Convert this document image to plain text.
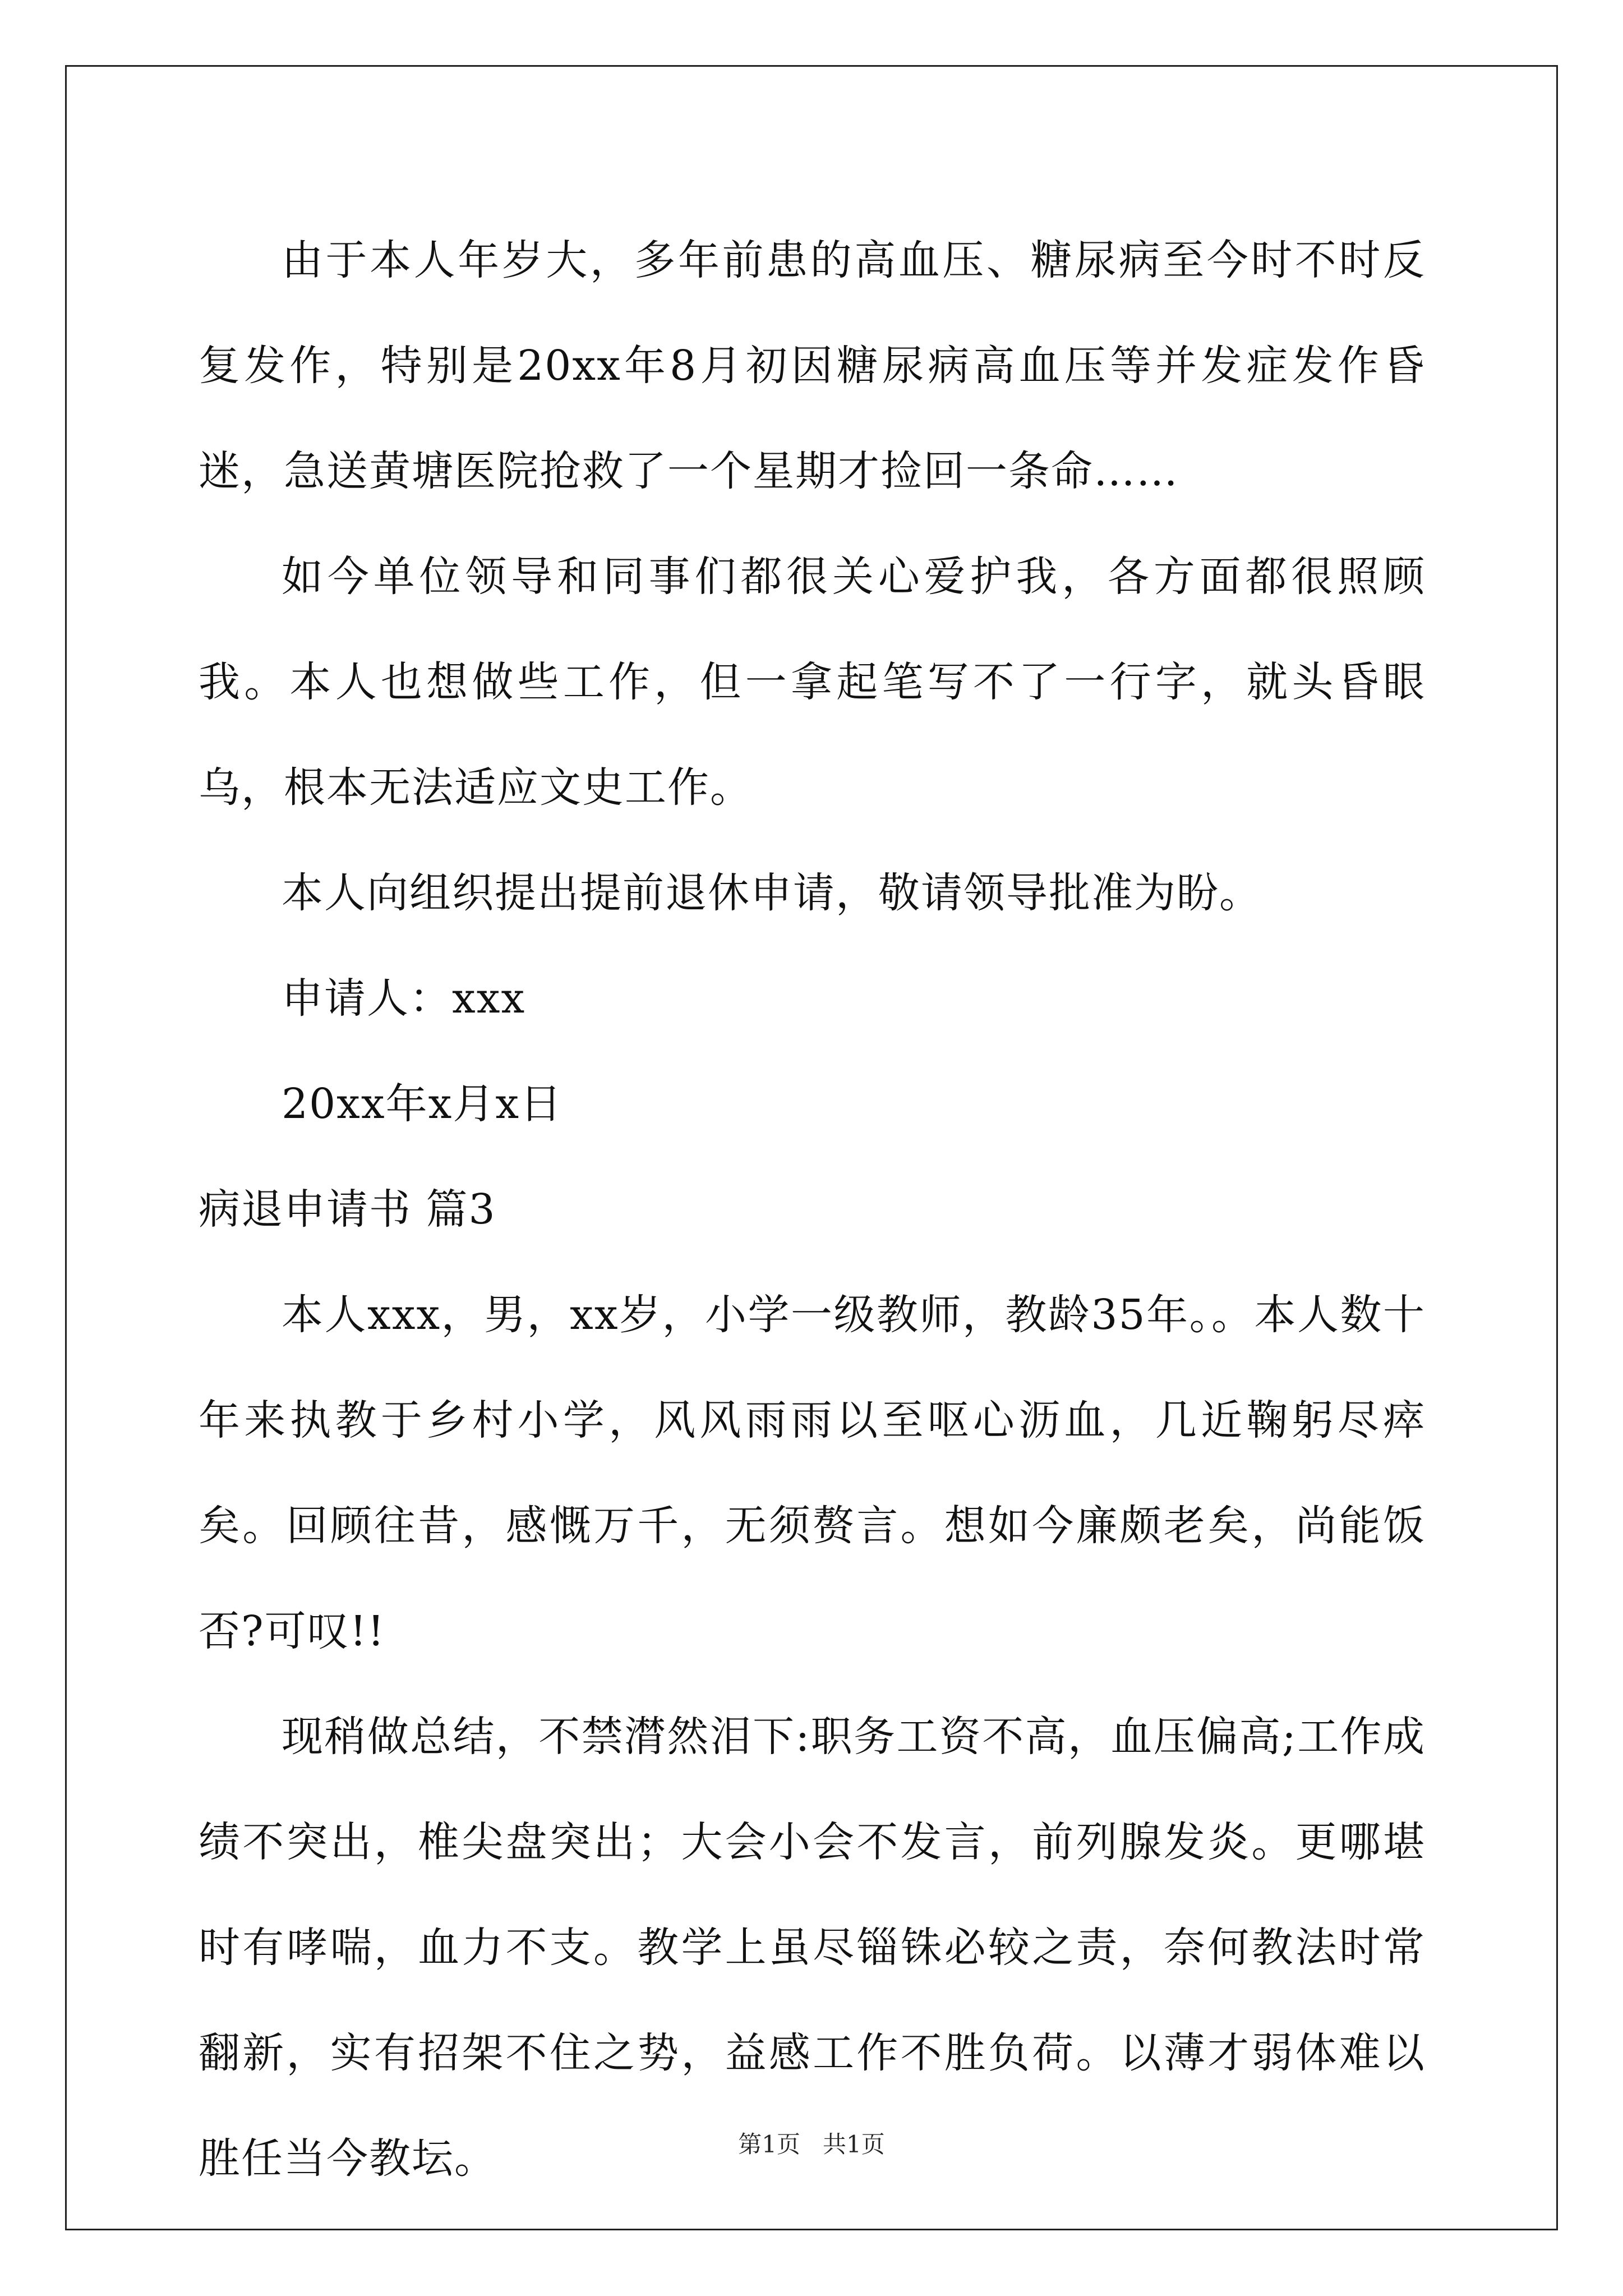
由于本人年岁大，多年前患的高血压、糖尿病至今时不时反复发作，特别是20xx年8月初因糖尿病高血压等并发症发作昏迷，急送黄塘医院抢救了一个星期才捡回一条命……

如今单位领导和同事们都很关心爱护我，各方面都很照顾我。本人也想做些工作，但一拿起笔写不了一行字，就头昏眼乌，根本无法适应文史工作。

本人向组织提出提前退休申请，敬请领导批准为盼。

申请人：xxx

20xx年x月x日

病退申请书 篇3

本人xxx，男，xx岁，小学一级教师，教龄35年。。本人数十年来执教于乡村小学，风风雨雨以至呕心沥血，几近鞠躬尽瘁矣。回顾往昔，感慨万千，无须赘言。想如今廉颇老矣，尚能饭否?可叹!!

现稍做总结，不禁潸然泪下:职务工资不高，血压偏高;工作成绩不突出，椎尖盘突出；大会小会不发言，前列腺发炎。更哪堪时有哮喘，血力不支。教学上虽尽锱铢必较之责，奈何教法时常翻新，实有招架不住之势，益感工作不胜负荷。以薄才弱体难以胜任当今教坛。	第1页   共1页
